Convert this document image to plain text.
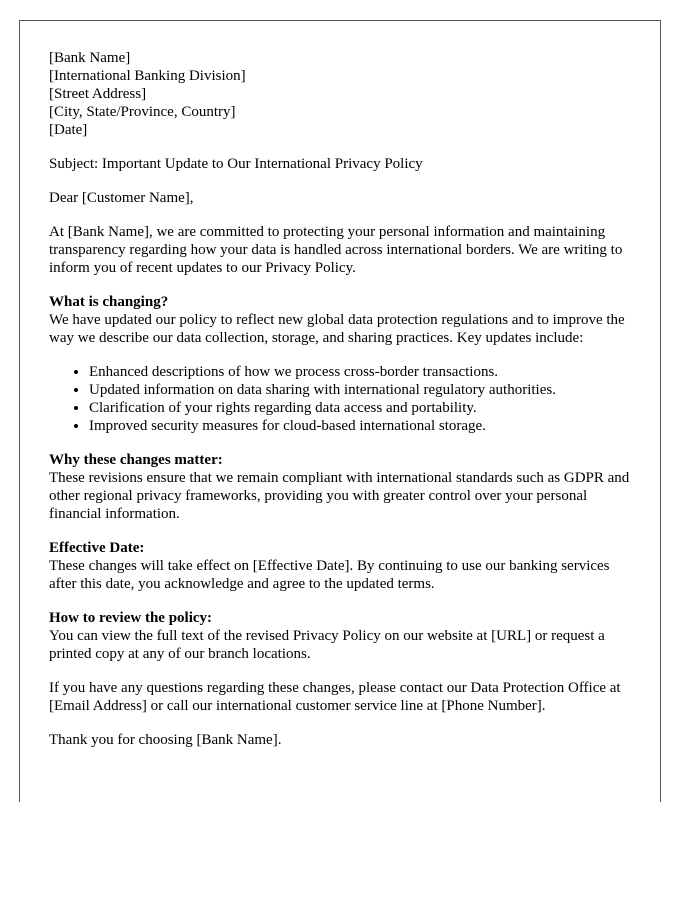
[Bank Name]
[International Banking Division]
[Street Address]
[City, State/Province, Country]
[Date]

Subject: Important Update to Our International Privacy Policy

Dear [Customer Name],

At [Bank Name], we are committed to protecting your personal information and maintaining transparency regarding how your data is handled across international borders. We are writing to inform you of recent updates to our Privacy Policy.

What is changing?

We have updated our policy to reflect new global data protection regulations and to improve the way we describe our data collection, storage, and sharing practices. Key updates include:

• Enhanced descriptions of how we process cross-border transactions.
• Updated information on data sharing with international regulatory authorities.
• Clarification of your rights regarding data access and portability.
• Improved security measures for cloud-based international storage.
Why these changes matter:

These revisions ensure that we remain compliant with international standards such as GDPR and other regional privacy frameworks, providing you with greater control over your personal financial information.

Effective Date:

These changes will take effect on [Effective Date]. By continuing to use our banking services after this date, you acknowledge and agree to the updated terms.

How to review the policy:

You can view the full text of the revised Privacy Policy on our website at [URL] or request a printed copy at any of our branch locations.

If you have any questions regarding these changes, please contact our Data Protection Office at [Email Address] or call our international customer service line at [Phone Number].

Thank you for choosing [Bank Name].
